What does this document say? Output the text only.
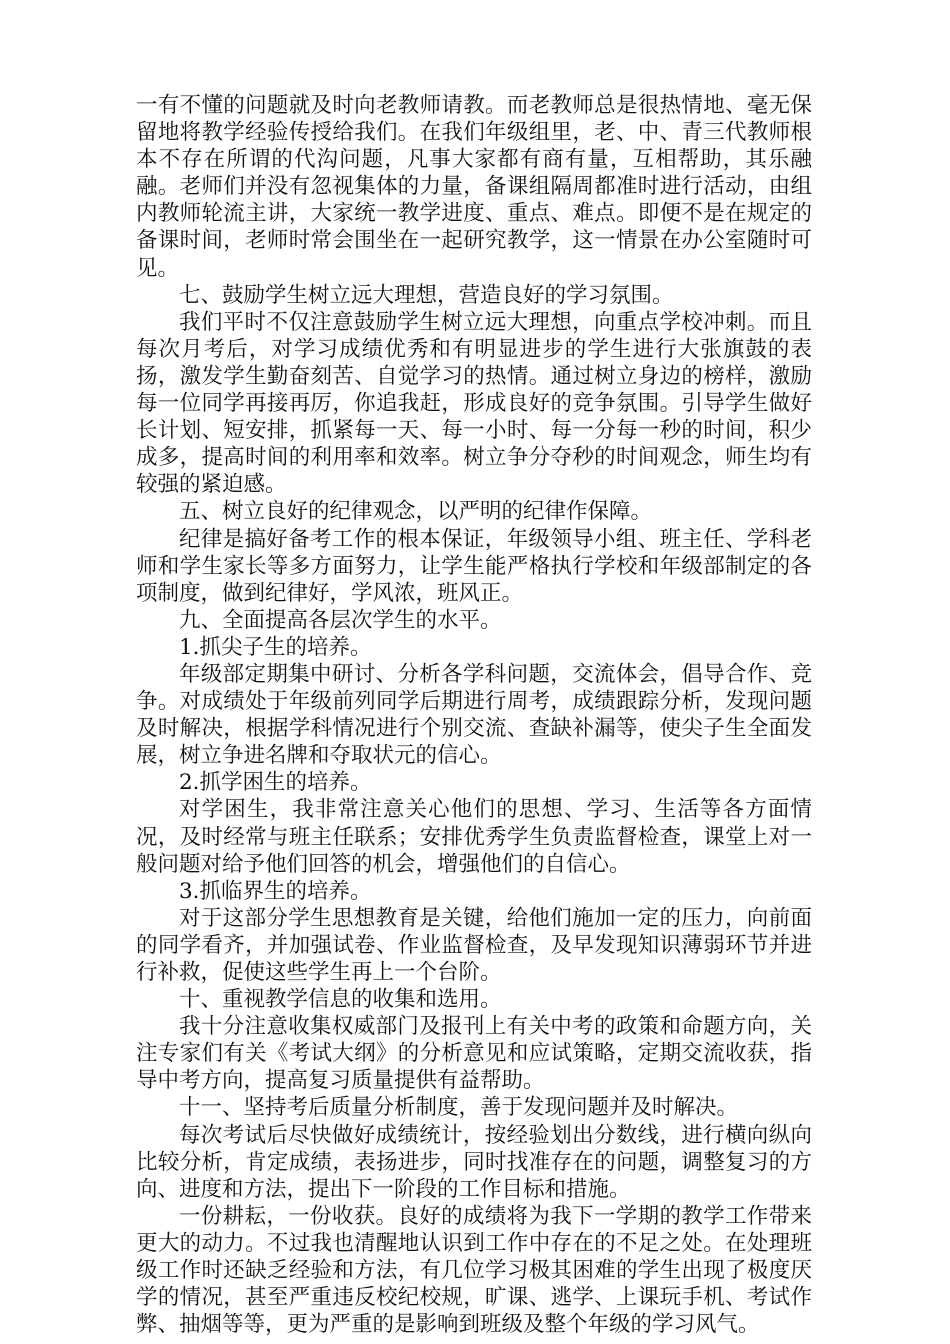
一有不懂的问题就及时向老教师请教。而老教师总是很热情地、毫无保留地将教学经验传授给我们。在我们年级组里，老、中、青三代教师根本不存在所谓的代沟问题，凡事大家都有商有量，互相帮助，其乐融融。老师们并没有忽视集体的力量，备课组隔周都准时进行活动，由组内教师轮流主讲，大家统一教学进度、重点、难点。即便不是在规定的备课时间，老师时常会围坐在一起研究教学，这一情景在办公室随时可见。

七、鼓励学生树立远大理想，营造良好的学习氛围。

我们平时不仅注意鼓励学生树立远大理想，向重点学校冲刺。而且每次月考后，对学习成绩优秀和有明显进步的学生进行大张旗鼓的表扬，激发学生勤奋刻苦、自觉学习的热情。通过树立身边的榜样，激励每一位同学再接再厉，你追我赶，形成良好的竞争氛围。引导学生做好长计划、短安排，抓紧每一天、每一小时、每一分每一秒的时间，积少成多，提高时间的利用率和效率。树立争分夺秒的时间观念，师生均有较强的紧迫感。

五、树立良好的纪律观念，以严明的纪律作保障。

纪律是搞好备考工作的根本保证，年级领导小组、班主任、学科老师和学生家长等多方面努力，让学生能严格执行学校和年级部制定的各项制度，做到纪律好，学风浓，班风正。

九、全面提高各层次学生的水平。

1.抓尖子生的培养。

年级部定期集中研讨、分析各学科问题，交流体会，倡导合作、竞争。对成绩处于年级前列同学后期进行周考，成绩跟踪分析，发现问题及时解决，根据学科情况进行个别交流、查缺补漏等，使尖子生全面发展，树立争进名牌和夺取状元的信心。

2.抓学困生的培养。

对学困生，我非常注意关心他们的思想、学习、生活等各方面情况，及时经常与班主任联系；安排优秀学生负责监督检查，课堂上对一般问题对给予他们回答的机会，增强他们的自信心。

3.抓临界生的培养。

对于这部分学生思想教育是关键，给他们施加一定的压力，向前面的同学看齐，并加强试卷、作业监督检查，及早发现知识薄弱环节并进行补救，促使这些学生再上一个台阶。

十、重视教学信息的收集和选用。

我十分注意收集权威部门及报刊上有关中考的政策和命题方向，关注专家们有关《考试大纲》的分析意见和应试策略，定期交流收获，指导中考方向，提高复习质量提供有益帮助。

十一、坚持考后质量分析制度，善于发现问题并及时解决。

每次考试后尽快做好成绩统计，按经验划出分数线，进行横向纵向比较分析，肯定成绩，表扬进步，同时找准存在的问题，调整复习的方向、进度和方法，提出下一阶段的工作目标和措施。

一份耕耘，一份收获。良好的成绩将为我下一学期的教学工作带来更大的动力。不过我也清醒地认识到工作中存在的不足之处。在处理班级工作时还缺乏经验和方法，有几位学习极其困难的学生出现了极度厌学的情况，甚至严重违反校纪校规，旷课、逃学、上课玩手机、考试作弊、抽烟等等，更为严重的是影响到班级及整个年级的学习风气。
